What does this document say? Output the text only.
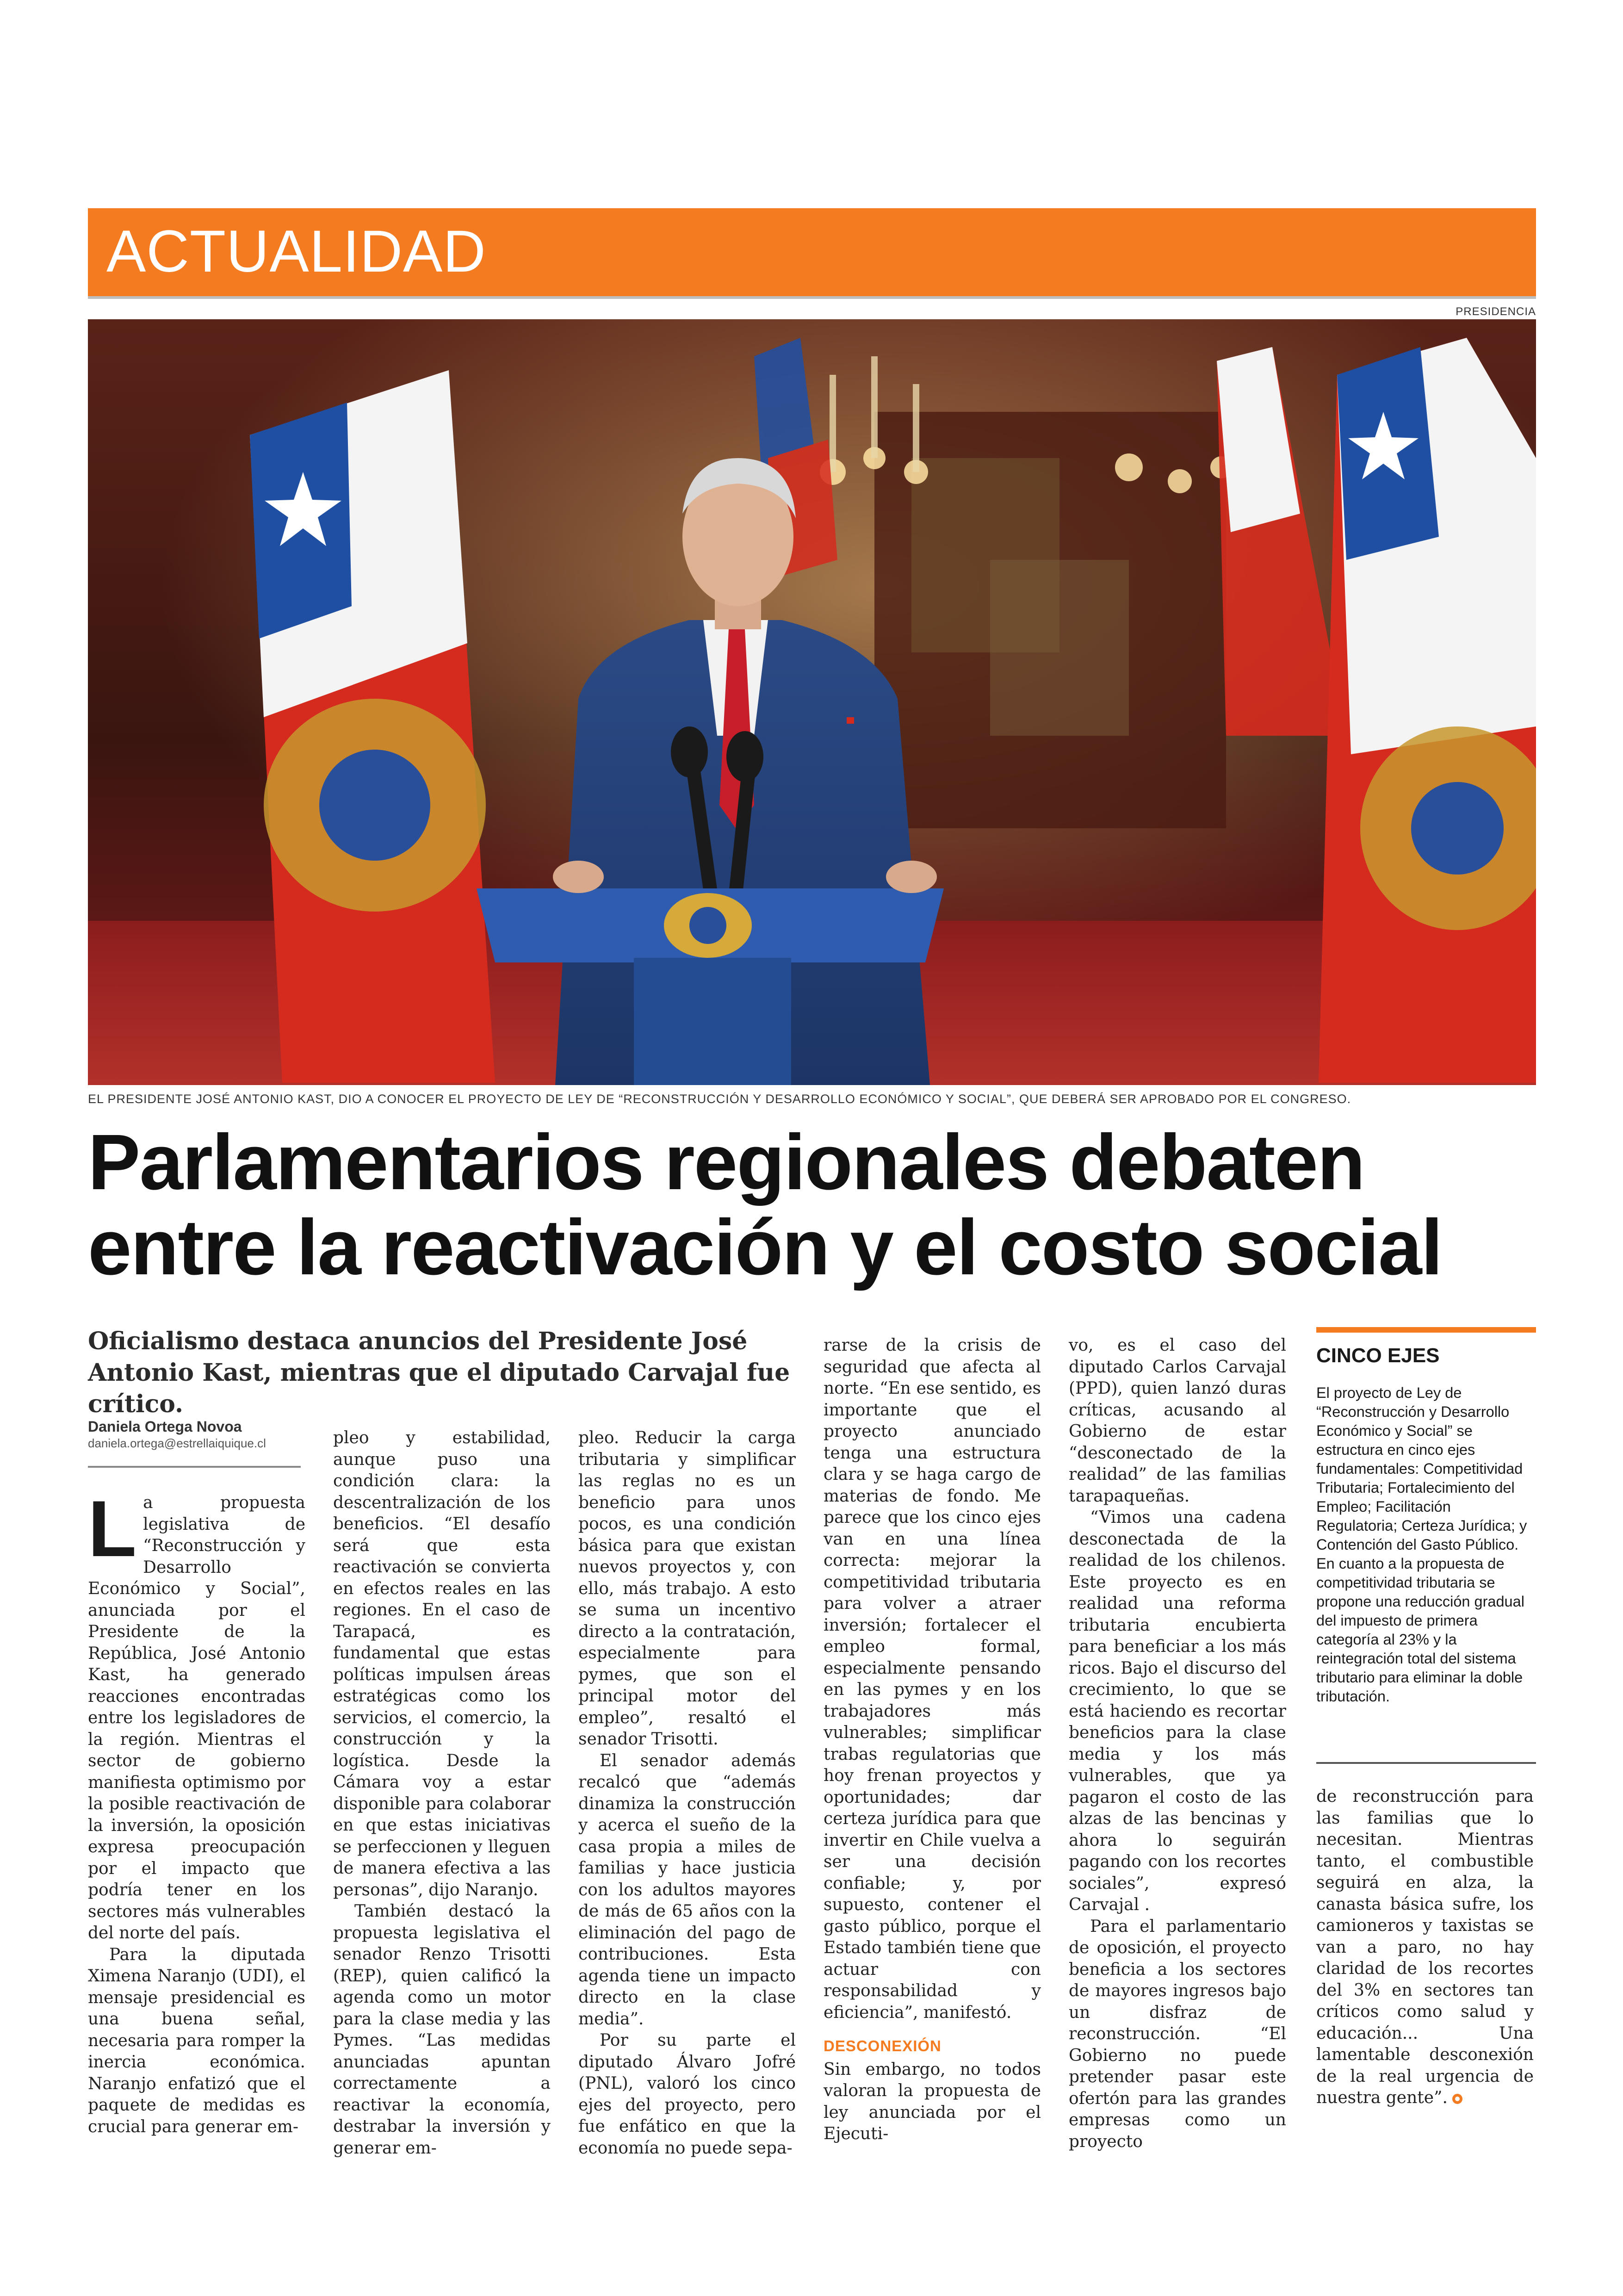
ACTUALIDAD
PRESIDENCIA
EL PRESIDENTE JOSÉ ANTONIO KAST, DIO A CONOCER EL PROYECTO DE LEY DE “RECONSTRUCCIÓN Y DESARROLLO ECONÓMICO Y SOCIAL”, QUE DEBERÁ SER APROBADO POR EL CONGRESO.
Parlamentarios regionales debaten entre la reactivación y el costo social

Oficialismo destaca anuncios del Presidente José Antonio Kast, mientras que el diputado Carvajal fue crítico.

Daniela Ortega Novoa
daniela.ortega@estrellaiquique.cl

La propuesta legislativa de “Reconstrucción y Desarrollo Económico y Social”, anunciada por el Presidente de la República, José Antonio Kast, ha generado reacciones encontradas entre los legisladores de la región. Mientras el sector de gobierno manifiesta optimismo por la posible reactivación de la inversión, la oposición expresa preocupación por el impacto que podría tener en los sectores más vulnerables del norte del país.

Para la diputada Ximena Naranjo (UDI), el mensaje presidencial es una buena señal, necesaria para romper la inercia económica. Naranjo enfatizó que el paquete de medidas es crucial para generar em-

pleo y estabilidad, aunque puso una condición clara: la descentralización de los beneficios. “El desafío será que esta reactivación se convierta en efectos reales en las regiones. En el caso de Tarapacá, es fundamental que estas políticas impulsen áreas estratégicas como los servicios, el comercio, la construcción y la logística. Desde la Cámara voy a estar disponible para colaborar en que estas iniciativas se perfeccionen y lleguen de manera efectiva a las personas”, dijo Naranjo.

También destacó la propuesta legislativa el senador Renzo Trisotti (REP), quien calificó la agenda como un motor para la clase media y las Pymes. “Las medidas anunciadas apuntan correctamente a reactivar la economía, destrabar la inversión y generar em-

pleo. Reducir la carga tributaria y simplificar las reglas no es un beneficio para unos pocos, es una condición básica para que existan nuevos proyectos y, con ello, más trabajo. A esto se suma un incentivo directo a la contratación, especialmente para pymes, que son el principal motor del empleo”, resaltó el senador Trisotti.

El senador además recalcó que “además dinamiza la construcción y acerca el sueño de la casa propia a miles de familias y hace justicia con los adultos mayores de más de 65 años con la eliminación del pago de contribuciones. Esta agenda tiene un impacto directo en la clase media”.

Por su parte el diputado Álvaro Jofré (PNL), valoró los cinco ejes del proyecto, pero fue enfático en que la economía no puede sepa-

rarse de la crisis de seguridad que afecta al norte. “En ese sentido, es importante que el proyecto anunciado tenga una estructura clara y se haga cargo de materias de fondo. Me parece que los cinco ejes van en una línea correcta: mejorar la competitividad tributaria para volver a atraer inversión; fortalecer el empleo formal, especialmente pensando en las pymes y en los trabajadores más vulnerables; simplificar trabas regulatorias que hoy frenan proyectos y oportunidades; dar certeza jurídica para que invertir en Chile vuelva a ser una decisión confiable; y, por supuesto, contener el gasto público, porque el Estado también tiene que actuar con responsabilidad y eficiencia”, manifestó.

DESCONEXIÓN

Sin embargo, no todos valoran la propuesta de ley anunciada por el Ejecuti-

vo, es el caso del diputado Carlos Carvajal (PPD), quien lanzó duras críticas, acusando al Gobierno de estar “desconectado de la realidad” de las familias tarapaqueñas.

“Vimos una cadena desconectada de la realidad de los chilenos. Este proyecto es en realidad una reforma tributaria encubierta para beneficiar a los más ricos. Bajo el discurso del crecimiento, lo que se está haciendo es recortar beneficios para la clase media y los más vulnerables, que ya pagaron el costo de las alzas de las bencinas y ahora lo seguirán pagando con los recortes sociales”, expresó Carvajal .

Para el parlamentario de oposición, el proyecto beneficia a los sectores de mayores ingresos bajo un disfraz de reconstrucción. “El Gobierno no puede pretender pasar este ofertón para las grandes empresas como un proyecto

CINCO EJES

El proyecto de Ley de “Reconstrucción y Desarrollo Económico y Social” se estructura en cinco ejes fundamentales: Competitividad Tributaria; Fortalecimiento del Empleo; Facilitación Regulatoria; Certeza Jurídica; y Contención del Gasto Público. En cuanto a la propuesta de competitividad tributaria se propone una reducción gradual del impuesto de primera categoría al 23% y la reintegración total del sistema tributario para eliminar la doble tributación.

de reconstrucción para las familias que lo necesitan. Mientras tanto, el combustible seguirá en alza, la canasta básica sufre, los camioneros y taxistas se van a paro, no hay claridad de los recortes del 3% en sectores tan críticos como salud y educación... Una lamentable desconexión de la real urgencia de nuestra gente”.
